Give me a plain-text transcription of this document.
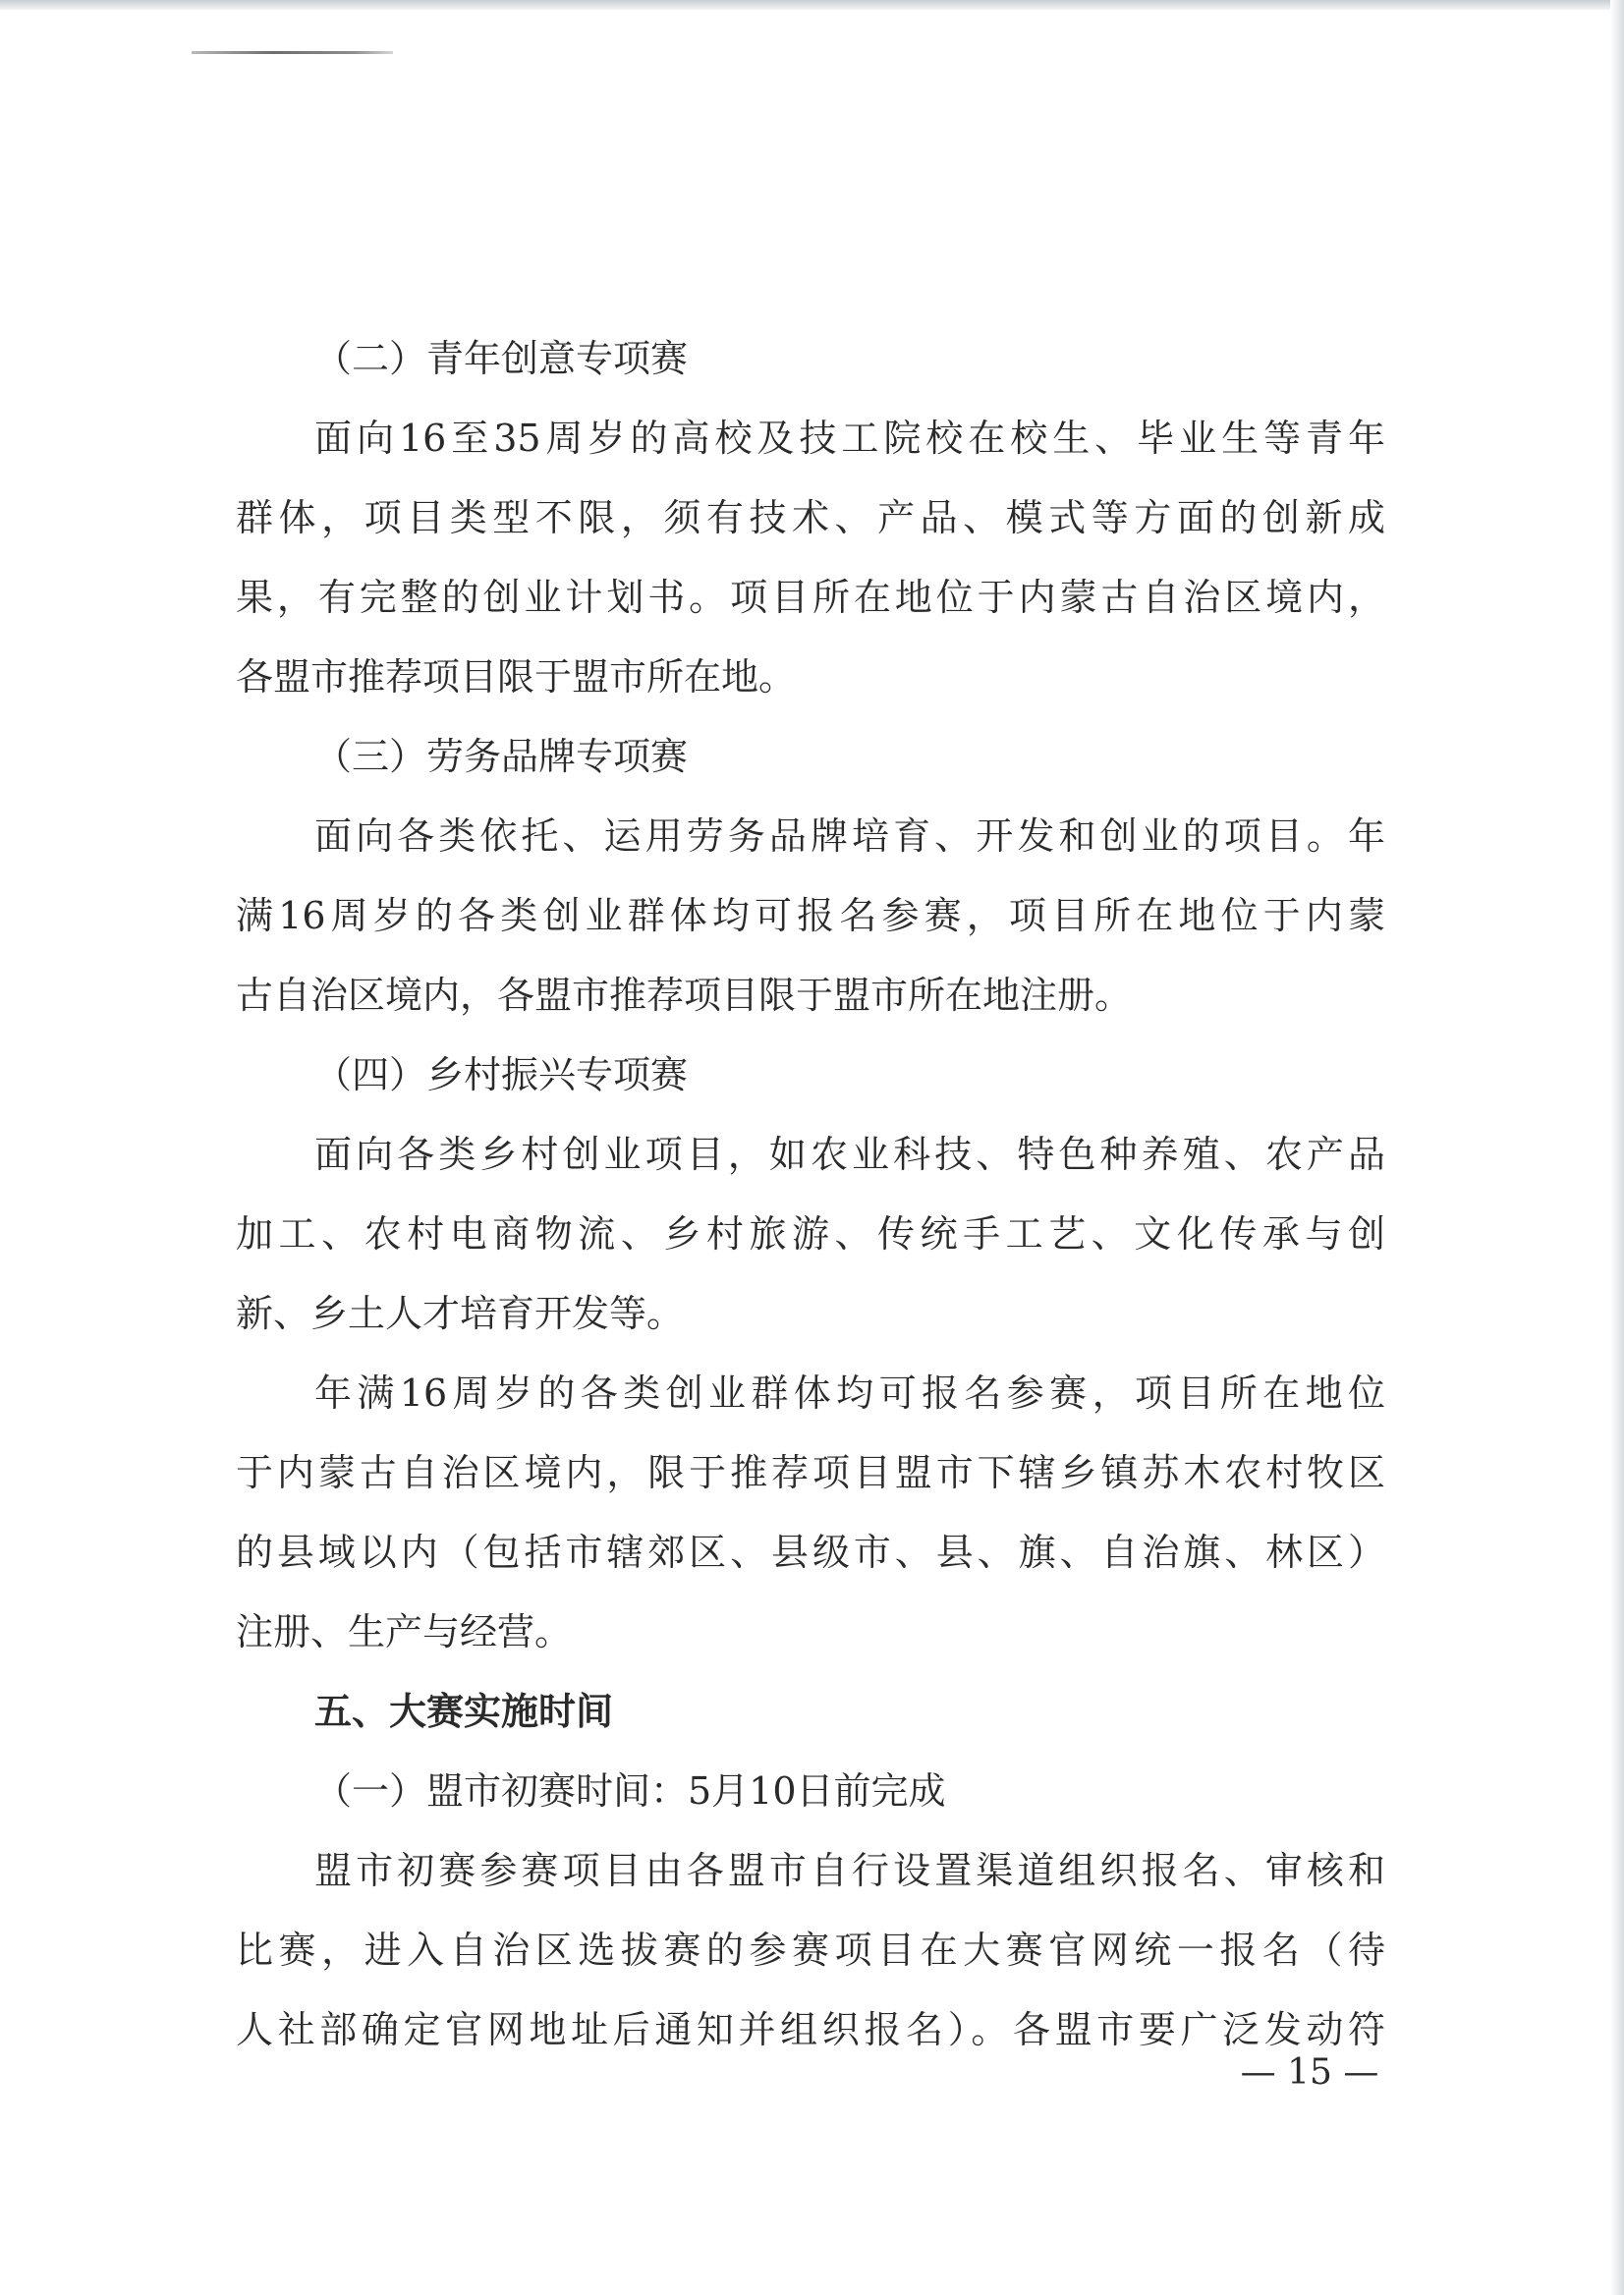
（二）青年创意专项赛
面向16至35周岁的高校及技工院校在校生、毕业生等青年
群体，项目类型不限，须有技术、产品、模式等方面的创新成
果，有完整的创业计划书。项目所在地位于内蒙古自治区境内，
各盟市推荐项目限于盟市所在地。
（三）劳务品牌专项赛
面向各类依托、运用劳务品牌培育、开发和创业的项目。年
满16周岁的各类创业群体均可报名参赛，项目所在地位于内蒙
古自治区境内，各盟市推荐项目限于盟市所在地注册。
（四）乡村振兴专项赛
面向各类乡村创业项目，如农业科技、特色种养殖、农产品
加工、农村电商物流、乡村旅游、传统手工艺、文化传承与创
新、乡土人才培育开发等。
年满16周岁的各类创业群体均可报名参赛，项目所在地位
于内蒙古自治区境内，限于推荐项目盟市下辖乡镇苏木农村牧区
的县域以内（包括市辖郊区、县级市、县、旗、自治旗、林区）
注册、生产与经营。
五、大赛实施时间
（一）盟市初赛时间：5月10日前完成
盟市初赛参赛项目由各盟市自行设置渠道组织报名、审核和
比赛，进入自治区选拔赛的参赛项目在大赛官网统一报名（待
人社部确定官网地址后通知并组织报名）。各盟市要广泛发动符
— 15 —
